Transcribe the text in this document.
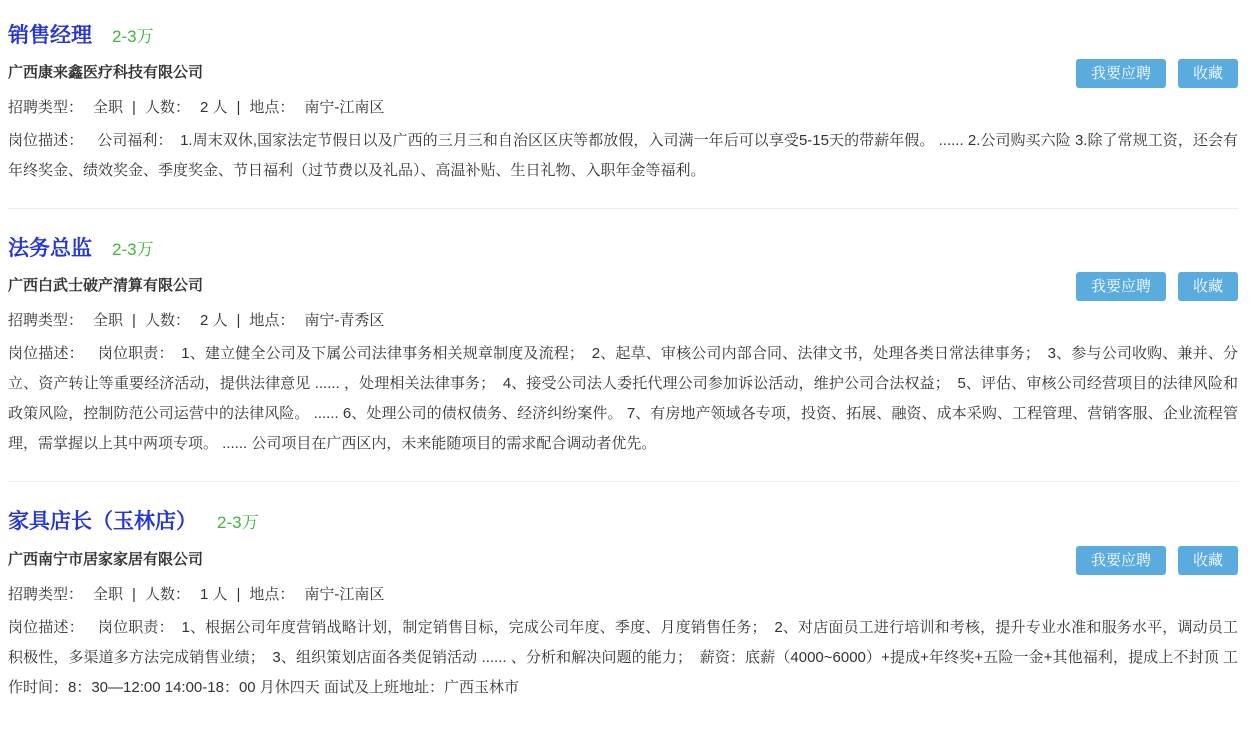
销售经理 2-3万
广西康来鑫医疗科技有限公司	我要应聘	收藏
招聘类型： 全职 | 人数： 2 人 | 地点： 南宁-江南区

岗位描述： 公司福利：　1.周末双休,国家法定节假日以及广西的三月三和自治区区庆等都放假，入司满一年后可以享受5-15天的带薪年假。 ...... 2.公司购买六险 3.除了常规工资，还会有年终奖金、绩效奖金、季度奖金、节日福利（过节费以及礼品）、高温补贴、生日礼物、入职年金等福利。

法务总监 2-3万
广西白武士破产清算有限公司	我要应聘	收藏
招聘类型： 全职 | 人数： 2 人 | 地点： 南宁-青秀区

岗位描述： 岗位职责：　1、建立健全公司及下属公司法律事务相关规章制度及流程；　2、起草、审核公司内部合同、法律文书，处理各类日常法律事务；　3、参与公司收购、兼并、分立、资产转让等重要经济活动，提供法律意见 ...... ，处理相关法律事务；　4、接受公司法人委托代理公司参加诉讼活动，维护公司合法权益；　5、评估、审核公司经营项目的法律风险和政策风险，控制防范公司运营中的法律风险。 ...... 6、处理公司的债权债务、经济纠纷案件。 7、有房地产领域各专项，投资、拓展、融资、成本采购、工程管理、营销客服、企业流程管理，需掌握以上其中两项专项。 ...... 公司项目在广西区内，未来能随项目的需求配合调动者优先。

家具店长（玉林店） 2-3万
广西南宁市居家家居有限公司	我要应聘	收藏
招聘类型： 全职 | 人数： 1 人 | 地点： 南宁-江南区

岗位描述： 岗位职责：　1、根据公司年度营销战略计划，制定销售目标，完成公司年度、季度、月度销售任务；　2、对店面员工进行培训和考核，提升专业水准和服务水平，调动员工积极性，多渠道多方法完成销售业绩；　3、组织策划店面各类促销活动 ...... 、分析和解决问题的能力；　薪资：底薪（4000~6000）+提成+年终奖+五险一金+其他福利，提成上不封顶 工作时间：8：30—12:00 14:00-18：00 月休四天 面试及上班地址：广西玉林市
